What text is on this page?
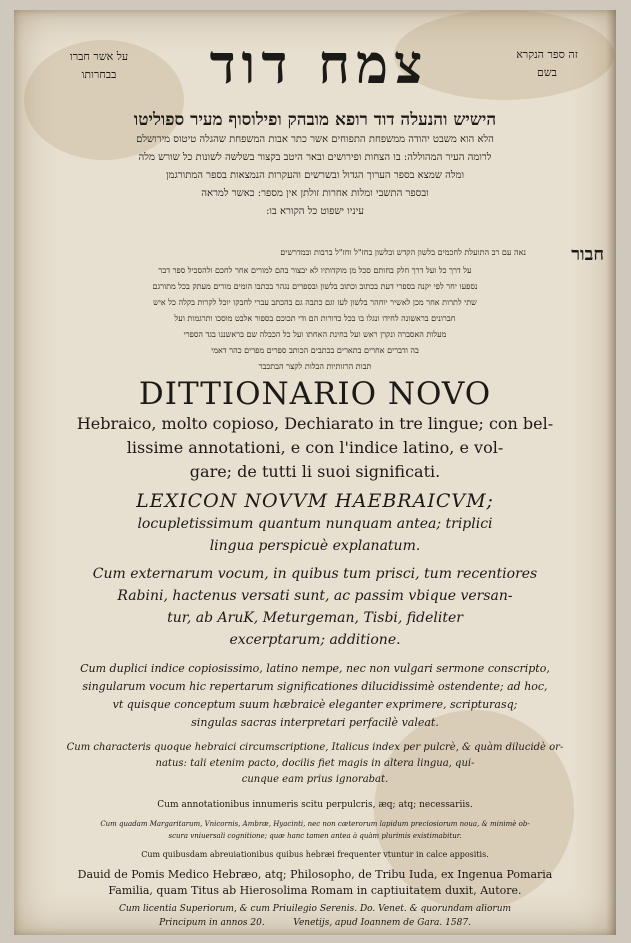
זה ספר הנקרא
בשם
צמח דוד
על אשר חברו
בבחרותו
הישיש והנעלה דוד רופא מובהק ופילוסוף מעיר ספוליטו
הלא הוא משבט יהודה ממשפחת התפוחים אשר כתר אבות המשפחת שהגלה טיטוס מירושלם
לרומה העיר המהוללה: בו הצחות ופירושים ובאר היטב בקצור בשלשה לשונות כל שורש מלה
ומלה שמצא בספר הערוך הגדול ובשרשים והעקרות הנמצאות בספר המתורגמן
ובספר התשבי ומלות אחרות זולתן אין מספר: כאשר למראה
עיניו ישפוט כל הקורא בו:
חבור
נאה עם רב התועלת לחכמים בלשון הקדש ובלשון בחז"ל וחז"ל ברבות ובמדרשים
על דרך כל ועל דרך חלק בחותם סכל מן מוקדותיו לא יבצור בהם למורים אחר לחכם ולהסכיל ספר דבר
נספעו יחר לפי יקנה בספרי דעת בכתוב וכתוב בלשון ובספרים נגהר בכתבו הומים מורים מעתק בכל מתורגם
שתי לתרות אחר מכן לאשיר יוחהר בלשון לעז וגם כתבה גם בהכתב עברי לחבקו יוכל לקרות בקלה כל איש
חברונים בראשונה לחידו ונגלו בו בכל כדורות הם ודי תכוכם בספור אלבט מוסכו ותרגמות ועל
מעלות האסברה ונקרן ראש ועל בחינת האחתו ועל כל הכבלה שם בראשננו בגד הספרי
בה ודברים אחרים בתארים בכתבים הכותב ספרים מפרים כהר דאמי
תבות הרזותיות הבלות לקצר הבתכבר
DITTIONARIO NOVO
Hebraico, molto copioso, Dechiarato in tre lingue; con bel-
lissime annotationi, e con l'indice latino, e vol-
gare; de tutti li suoi significati.
LEXICON NOVVM HAEBRAICVM;
locupletissimum quantum nunquam antea; triplici
lingua perspicuè explanatum.
Cum externarum vocum, in quibus tum prisci, tum recentiores
Rabini, hactenus versati sunt, ac passim vbique versan-
tur, ab AruK, Meturgeman, Tisbi, fideliter
excerptarum; additione.
Cum duplici indice copiosissimo, latino nempe, nec non vulgari sermone conscripto,
singularum vocum hic repertarum significationes dilucidissimè ostendente; ad hoc,
vt quisque conceptum suum hæbraicè eleganter exprimere, scripturasq;
singulas sacras interpretari perfacilè valeat.
Cum characteris quoque hebraici circumscriptione, Italicus index per pulcrè, & quàm dilucidè or-
natus: tali etenim pacto, docilis fiet magis in altera lingua, qui-
cunque eam prius ignorabat.
Cum annotationibus innumeris scitu perpulcris, æq; atq; necessariis.
Cum quadam Margaritarum, Vnicornis, Ambræ, Hyacinti, nec non cæterorum lapidum preciosiorum noua, & minimè ob-
scura vniuersali cognitione; quæ hanc tamen antea à quàm plurimis existimabitur.
Cum quibusdam abreuiationibus quibus hebræi frequenter vtuntur in calce appositis.
Dauid de Pomis Medico Hebræo, atq; Philosopho, de Tribu Iuda, ex Ingenua Pomaria
Familia, quam Titus ab Hierosolima Romam in captiuitatem duxit, Autore.
Cum licentia Superiorum, & cum Priuilegio Serenis. Do. Venet. & quorundam aliorum
Principum in annos 20.          Venetijs, apud Ioannem de Gara. 1587.
